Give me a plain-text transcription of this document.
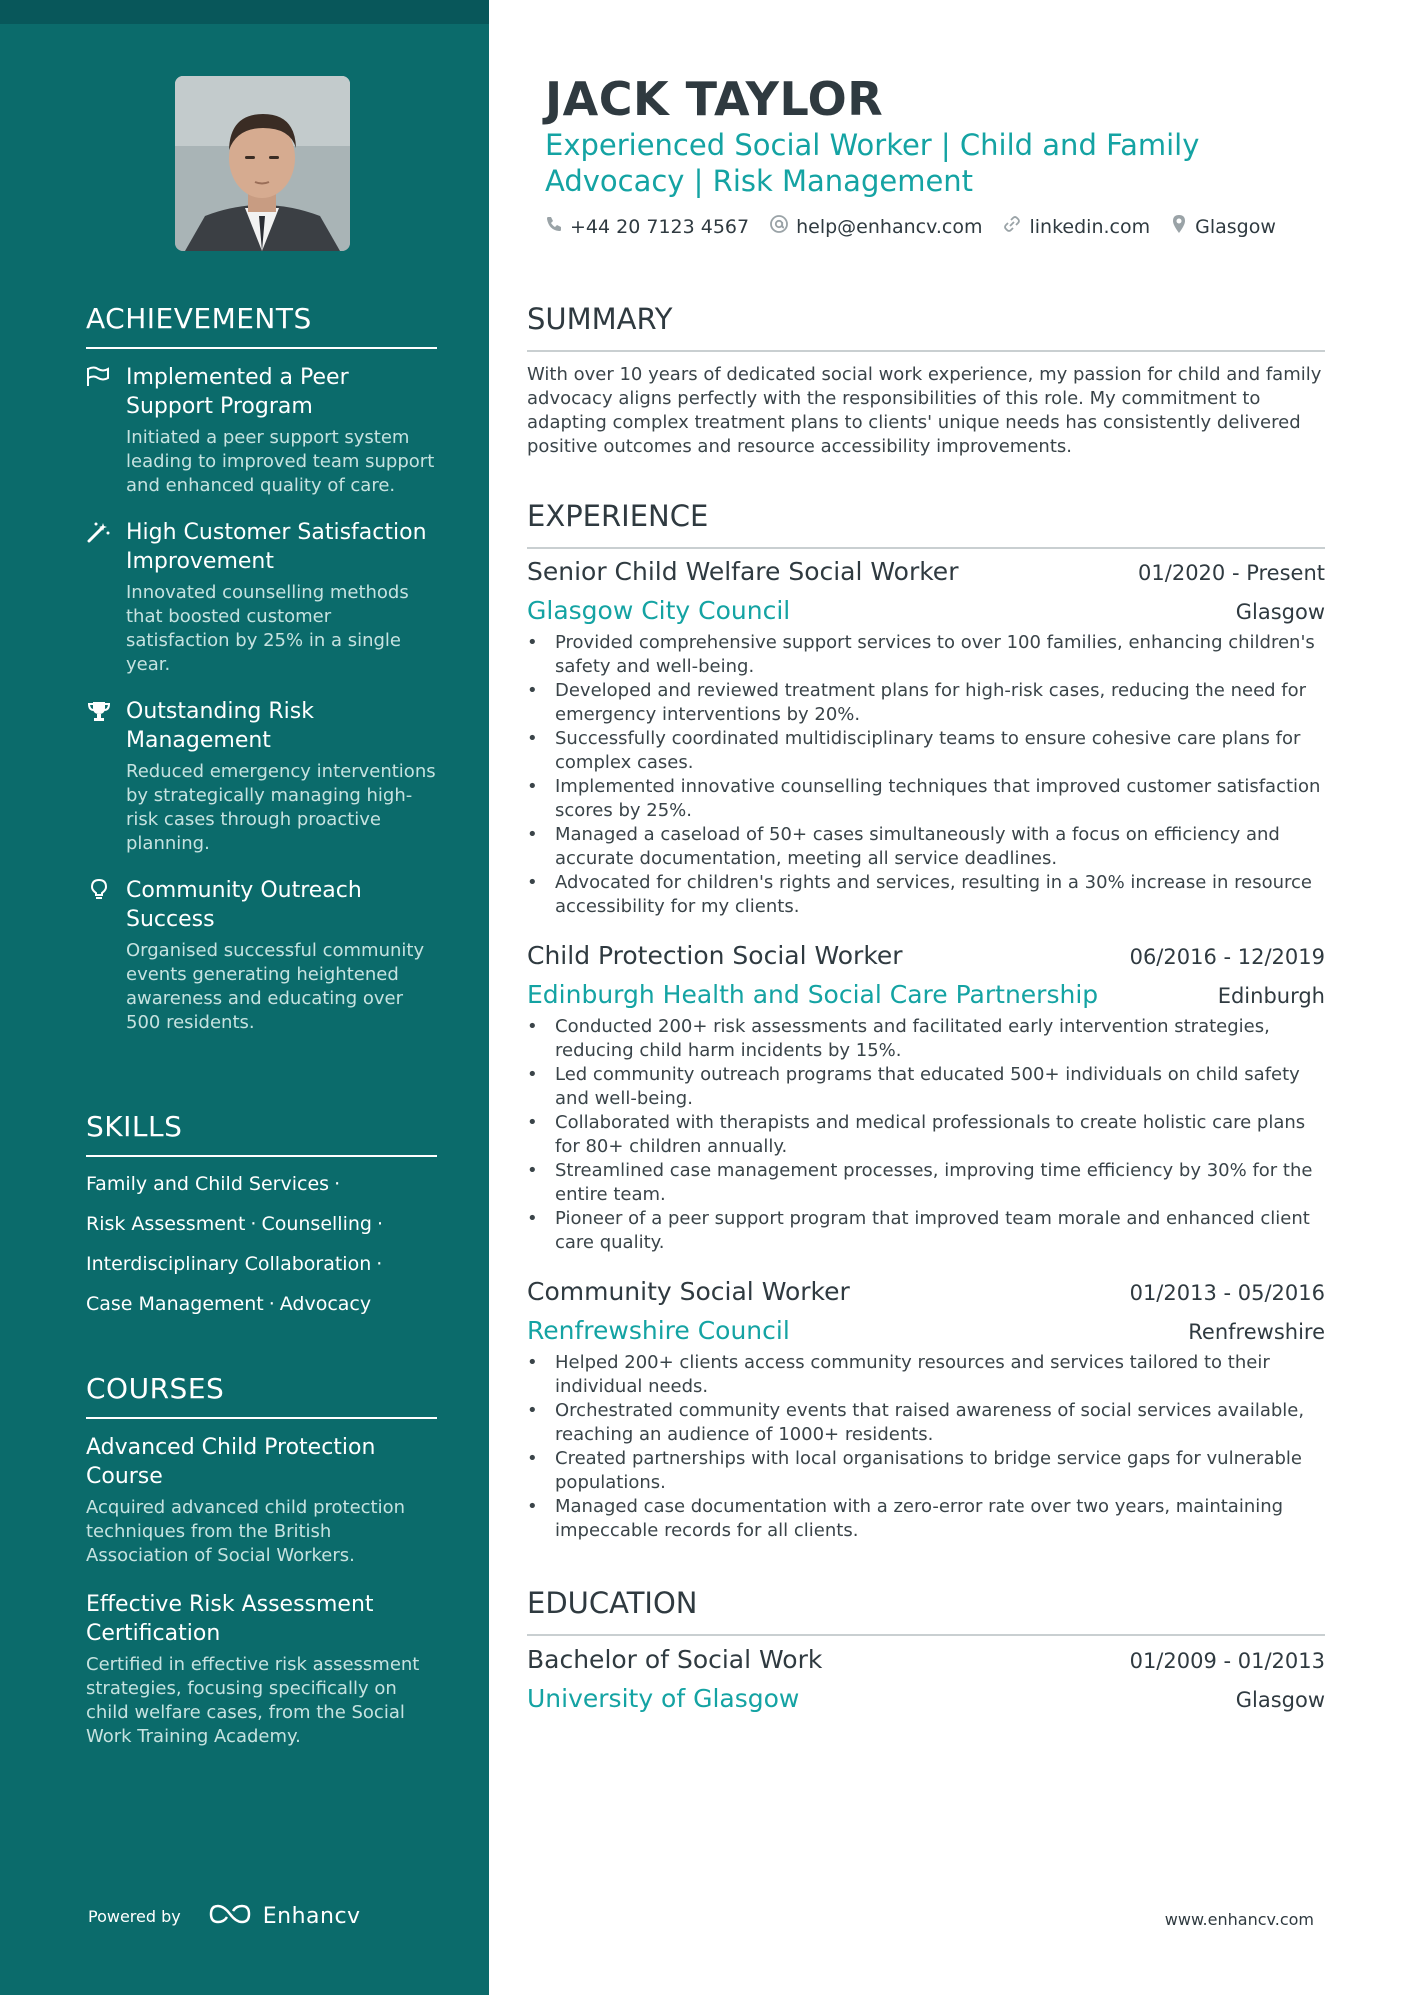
ACHIEVEMENTS
Implemented a Peer Support Program
Initiated a peer support system leading to improved team support and enhanced quality of care.
High Customer Satisfaction Improvement
Innovated counselling methods that boosted customer satisfaction by 25% in a single year.
Outstanding Risk Management
Reduced emergency interventions by strategically managing high-risk cases through proactive planning.
Community Outreach Success
Organised successful community events generating heightened awareness and educating over 500 residents.
SKILLS
Family and Child Services ·
Risk Assessment · Counselling ·
Interdisciplinary Collaboration ·
Case Management · Advocacy
COURSES
Advanced Child Protection Course
Acquired advanced child protection techniques from the British Association of Social Workers.
Effective Risk Assessment Certification
Certified in effective risk assessment strategies, focusing specifically on child welfare cases, from the Social Work Training Academy.
Powered by	Enhancv
JACK TAYLOR
Experienced Social Worker | Child and Family Advocacy | Risk Management
+44 20 7123 4567 help@enhancv.com linkedin.com Glasgow
SUMMARY
With over 10 years of dedicated social work experience, my passion for child and family advocacy aligns perfectly with the responsibilities of this role. My commitment to adapting complex treatment plans to clients' unique needs has consistently delivered positive outcomes and resource accessibility improvements.
EXPERIENCE
Senior Child Welfare Social Worker	01/2020 - Present
Glasgow City Council	Glasgow
• Provided comprehensive support services to over 100 families, enhancing children's safety and well-being.
• Developed and reviewed treatment plans for high-risk cases, reducing the need for emergency interventions by 20%.
• Successfully coordinated multidisciplinary teams to ensure cohesive care plans for complex cases.
• Implemented innovative counselling techniques that improved customer satisfaction scores by 25%.
• Managed a caseload of 50+ cases simultaneously with a focus on efficiency and accurate documentation, meeting all service deadlines.
• Advocated for children's rights and services, resulting in a 30% increase in resource accessibility for my clients.
Child Protection Social Worker	06/2016 - 12/2019
Edinburgh Health and Social Care Partnership	Edinburgh
• Conducted 200+ risk assessments and facilitated early intervention strategies, reducing child harm incidents by 15%.
• Led community outreach programs that educated 500+ individuals on child safety and well-being.
• Collaborated with therapists and medical professionals to create holistic care plans for 80+ children annually.
• Streamlined case management processes, improving time efficiency by 30% for the entire team.
• Pioneer of a peer support program that improved team morale and enhanced client care quality.
Community Social Worker	01/2013 - 05/2016
Renfrewshire Council	Renfrewshire
• Helped 200+ clients access community resources and services tailored to their individual needs.
• Orchestrated community events that raised awareness of social services available, reaching an audience of 1000+ residents.
• Created partnerships with local organisations to bridge service gaps for vulnerable populations.
• Managed case documentation with a zero-error rate over two years, maintaining impeccable records for all clients.
EDUCATION
Bachelor of Social Work	01/2009 - 01/2013
University of Glasgow	Glasgow
www.enhancv.com
